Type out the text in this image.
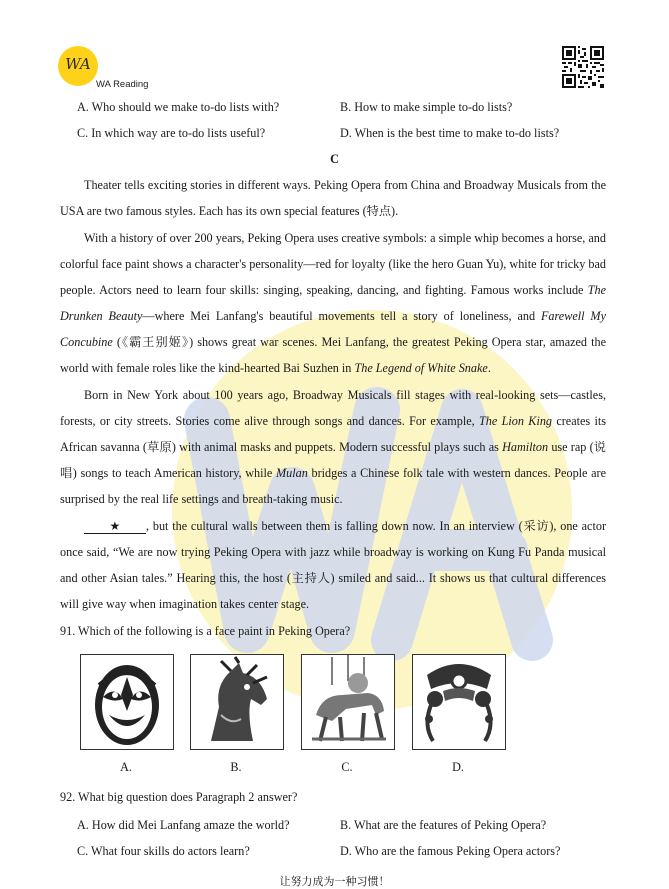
WA
WA Reading
A. Who should we make to-do lists with?	B. How to make simple to-do lists?
C. In which way are to-do lists useful?	D. When is the best time to make to-do lists?
C
Theater tells exciting stories in different ways. Peking Opera from China and Broadway Musicals from the USA are two famous styles. Each has its own special features (特点).
With a history of over 200 years, Peking Opera uses creative symbols: a simple whip becomes a horse, and colorful face paint shows a character's personality—red for loyalty (like the hero Guan Yu), white for tricky bad people. Actors need to learn four skills: singing, speaking, dancing, and fighting. Famous works include The Drunken Beauty—where Mei Lanfang's beautiful movements tell a story of loneliness, and Farewell My Concubine (《霸王别姬》) shows great war scenes. Mei Lanfang, the greatest Peking Opera star, amazed the world with female roles like the kind-hearted Bai Suzhen in The Legend of White Snake.
Born in New York about 100 years ago, Broadway Musicals fill stages with real-looking sets—castles, forests, or city streets. Stories come alive through songs and dances. For example, The Lion King creates its African savanna (草原) with animal masks and puppets. Modern successful plays such as Hamilton use rap (说唱) songs to teach American history, while Mulan bridges a Chinese folk tale with western dances. People are surprised by the real life settings and breath-taking music.
★ , but the cultural walls between them is falling down now. In an interview (采访), one actor once said, “We are now trying Peking Opera with jazz while broadway is working on Kung Fu Panda musical and other Asian tales.” Hearing this, the host (主持人) smiled and said... It shows us that cultural differences will give way when imagination takes center stage.
91. Which of the following is a face paint in Peking Opera?
A.	B.	C.	D.
92. What big question does Paragraph 2 answer?
A. How did Mei Lanfang amaze the world?	B. What are the features of Peking Opera?
C. What four skills do actors learn?	D. Who are the famous Peking Opera actors?
让努力成为一种习惯！
